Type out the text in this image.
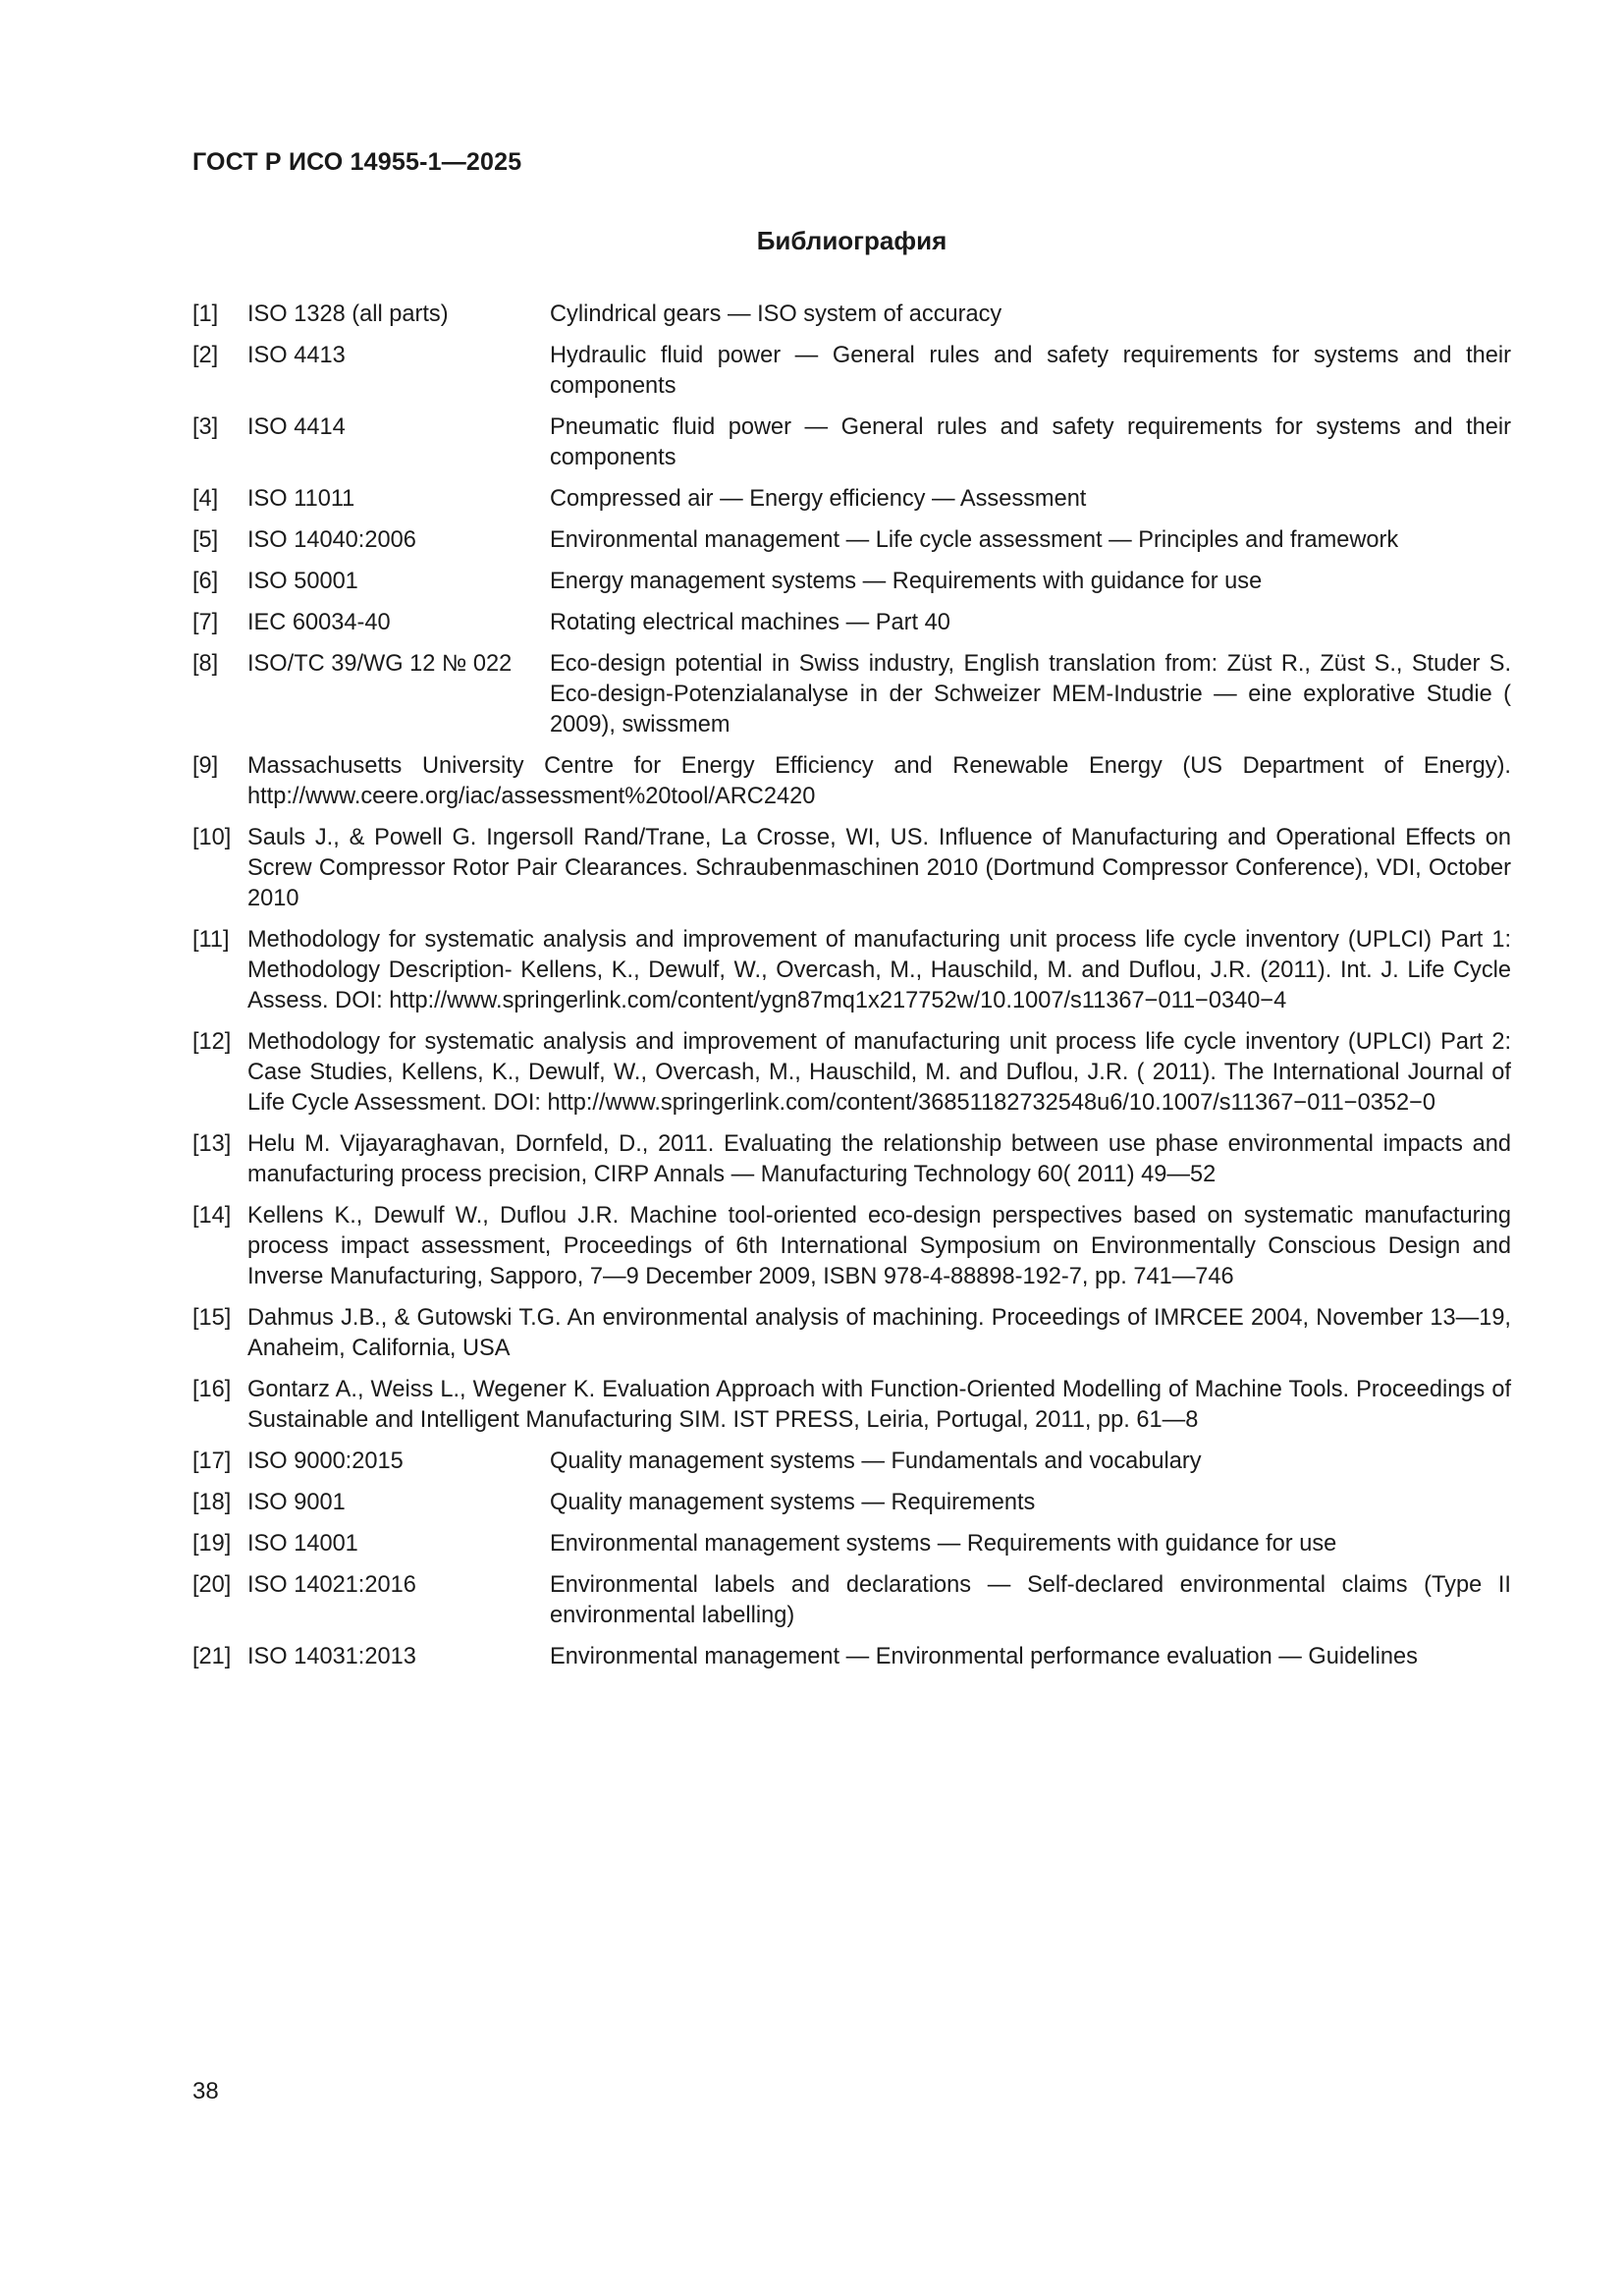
ГОСТ Р ИСО 14955-1—2025
Библиография
[1]	ISO 1328 (all parts)	Cylindrical gears — ISO system of accuracy
[2]	ISO 4413	Hydraulic fluid power — General rules and safety requirements for systems and their components
[3]	ISO 4414	Pneumatic fluid power — General rules and safety requirements for systems and their components
[4]	ISO 11011	Compressed air — Energy efficiency — Assessment
[5]	ISO 14040:2006	Environmental management — Life cycle assessment — Principles and framework
[6]	ISO 50001	Energy management systems — Requirements with guidance for use
[7]	IEC 60034-40	Rotating electrical machines — Part 40
[8]	ISO/TC 39/WG 12 № 022	Eco-design potential in Swiss industry, English translation from: Züst R., Züst S., Studer S. Eco-design-Potenzialanalyse in der Schweizer MEM-Industrie — eine explorative Studie ( 2009), swissmem
[9]	Massachusetts University Centre for Energy Efficiency and Renewable Energy (US Department of Energy). http://www.ceere.org/iac/assessment%20tool/ARC2420
[10] Sauls J., & Powell G. Ingersoll Rand/Trane, La Crosse, WI, US. Influence of Manufacturing and Operational Effects on Screw Compressor Rotor Pair Clearances. Schraubenmaschinen 2010 (Dortmund Compressor Conference), VDI, October 2010
[11] Methodology for systematic analysis and improvement of manufacturing unit process life cycle inventory (UPLCI) Part 1: Methodology Description- Kellens, K., Dewulf, W., Overcash, M., Hauschild, M. and Duflou, J.R. (2011). Int. J. Life Cycle Assess. DOI: http://www.springerlink.com/content/ygn87mq1x217752w/10.1007/s11367−011−0340−4
[12] Methodology for systematic analysis and improvement of manufacturing unit process life cycle inventory (UPLCI) Part 2: Case Studies, Kellens, K., Dewulf, W., Overcash, M., Hauschild, M. and Duflou, J.R. ( 2011). The International Journal of Life Cycle Assessment. DOI: http://www.springerlink.com/content/36851182732548u6/10.1007/s11367−011−0352−0
[13] Helu M. Vijayaraghavan, Dornfeld, D., 2011. Evaluating the relationship between use phase environmental impacts and manufacturing process precision, CIRP Annals — Manufacturing Technology 60( 2011) 49—52
[14] Kellens K., Dewulf W., Duflou J.R. Machine tool-oriented eco-design perspectives based on systematic manufacturing process impact assessment, Proceedings of 6th International Symposium on Environmentally Conscious Design and Inverse Manufacturing, Sapporo, 7—9 December 2009, ISBN 978-4-88898-192-7, pp. 741—746
[15] Dahmus J.B., & Gutowski T.G. An environmental analysis of machining. Proceedings of IMRCEE 2004, November 13—19, Anaheim, California, USA
[16] Gontarz A., Weiss L., Wegener K. Evaluation Approach with Function-Oriented Modelling of Machine Tools. Proceedings of Sustainable and Intelligent Manufacturing SIM. IST PRESS, Leiria, Portugal, 2011, pp. 61—8
[17] ISO 9000:2015	Quality management systems — Fundamentals and vocabulary
[18] ISO 9001	Quality management systems — Requirements
[19] ISO 14001	Environmental management systems — Requirements with guidance for use
[20] ISO 14021:2016	Environmental labels and declarations — Self-declared environmental claims (Type II environmental labelling)
[21] ISO 14031:2013	Environmental management — Environmental performance evaluation — Guidelines
38
